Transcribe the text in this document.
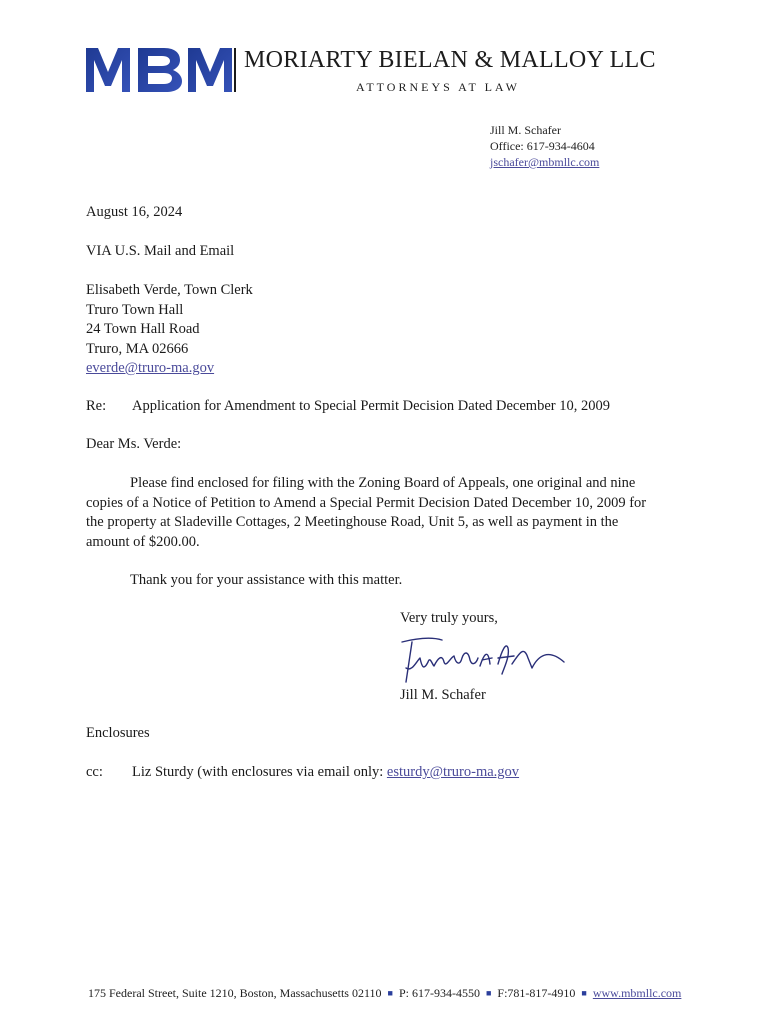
MORIARTY BIELAN & MALLOY LLC
ATTORNEYS AT LAW
Jill M. Schafer
Office: 617-934-4604
jschafer@mbmllc.com
August 16, 2024
VIA U.S. Mail and Email
Elisabeth Verde, Town Clerk
Truro Town Hall
24 Town Hall Road
Truro, MA 02666
everde@truro-ma.gov
Re: Application for Amendment to Special Permit Decision Dated December 10, 2009
Dear Ms. Verde:
Please find enclosed for filing with the Zoning Board of Appeals, one original and nine
copies of a Notice of Petition to Amend a Special Permit Decision Dated December 10, 2009 for
the property at Sladeville Cottages, 2 Meetinghouse Road, Unit 5, as well as payment in the
amount of $200.00.
Thank you for your assistance with this matter.
Very truly yours,
Jill M. Schafer
Enclosures
cc: Liz Sturdy (with enclosures via email only: esturdy@truro-ma.gov
175 Federal Street, Suite 1210, Boston, Massachusetts 02110 ■ P: 617-934-4550 ■ F:781-817-4910 ■ www.mbmllc.com
